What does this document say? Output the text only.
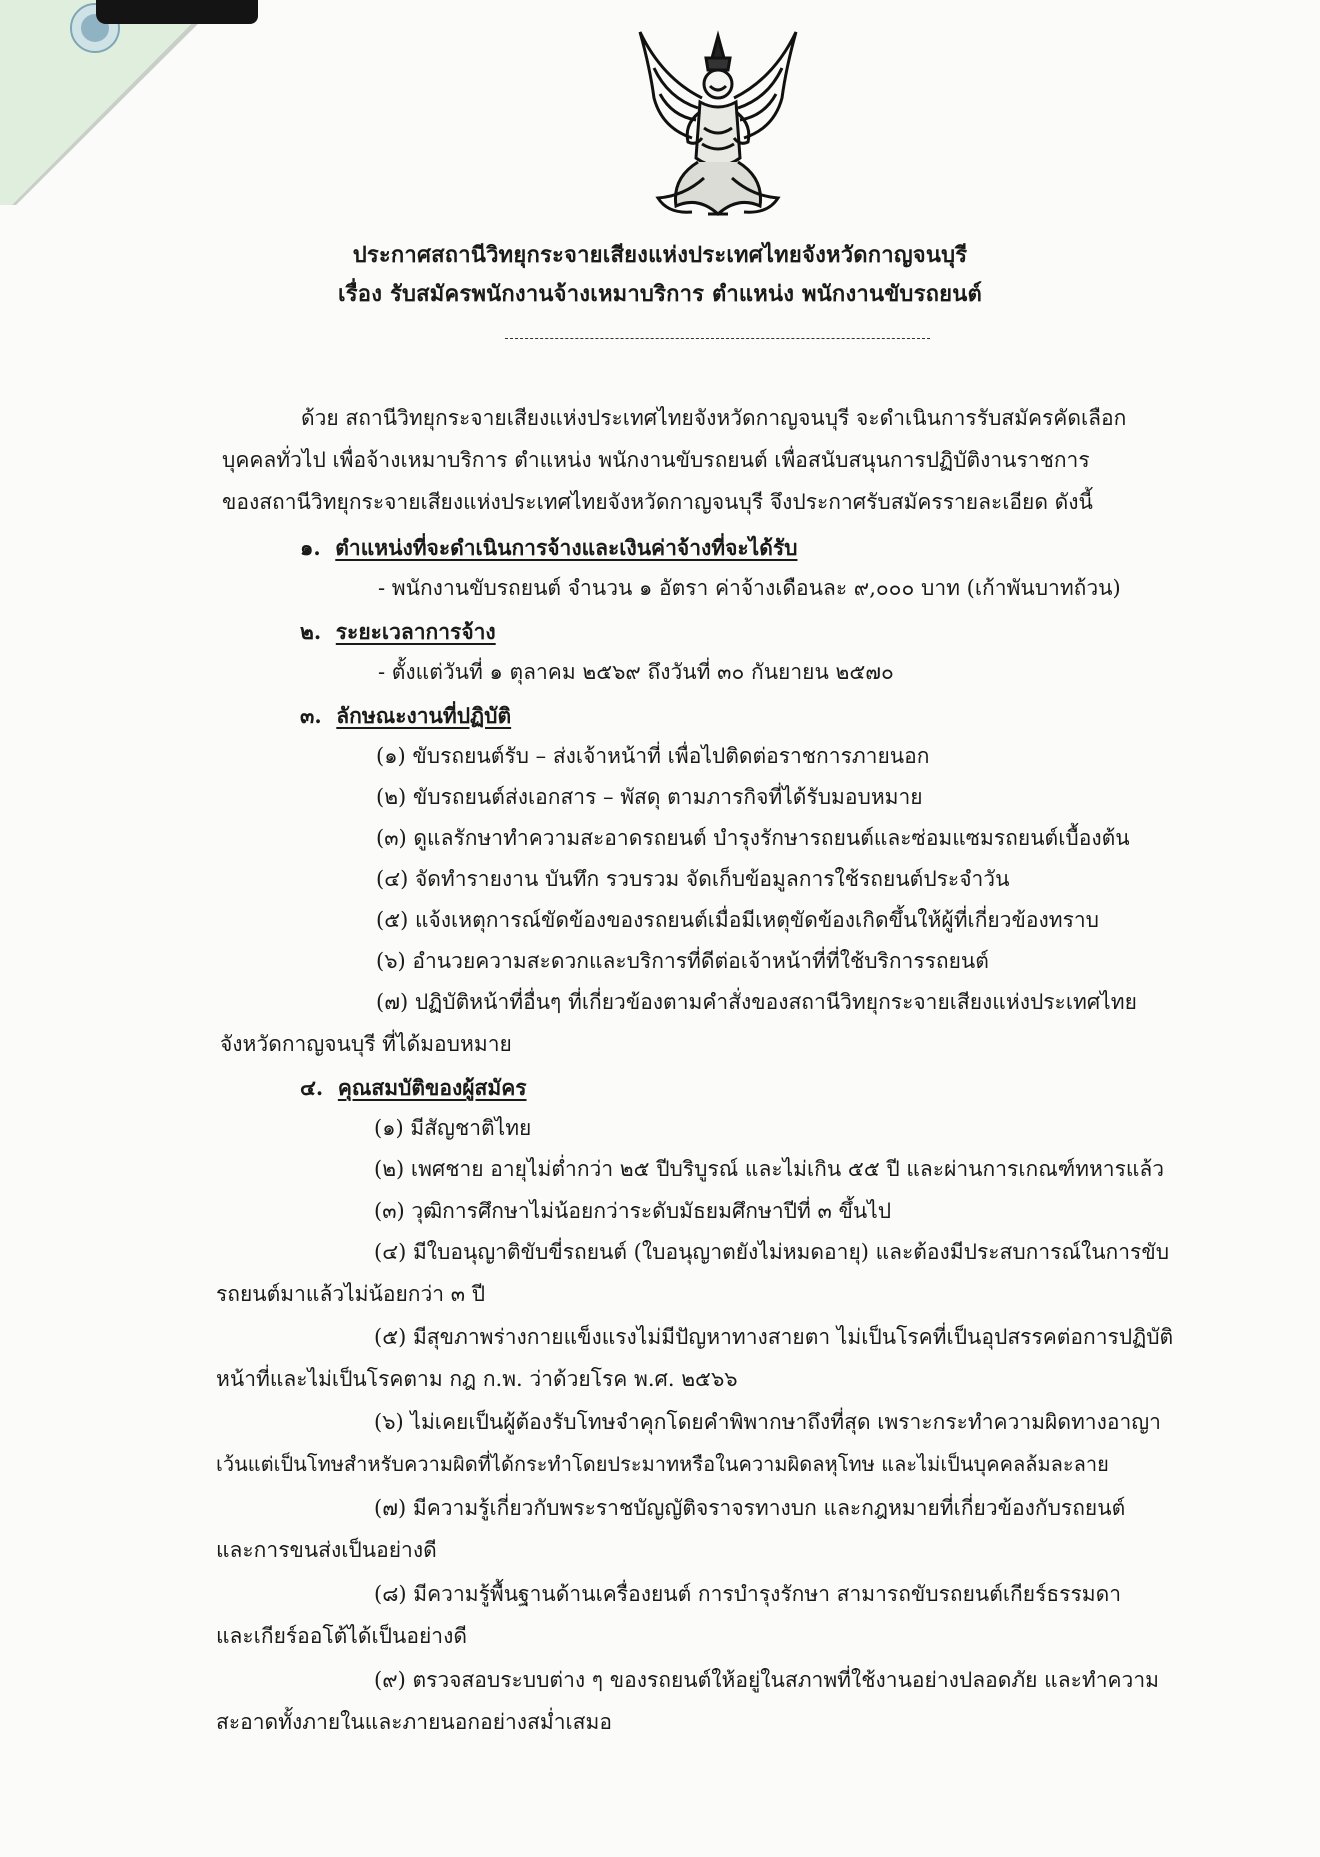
ประกาศสถานีวิทยุกระจายเสียงแห่งประเทศไทยจังหวัดกาญจนบุรี
เรื่อง รับสมัครพนักงานจ้างเหมาบริการ ตำแหน่ง พนักงานขับรถยนต์
ด้วย สถานีวิทยุกระจายเสียงแห่งประเทศไทยจังหวัดกาญจนบุรี จะดำเนินการรับสมัครคัดเลือก
บุคคลทั่วไป เพื่อจ้างเหมาบริการ ตำแหน่ง พนักงานขับรถยนต์ เพื่อสนับสนุนการปฏิบัติงานราชการ
ของสถานีวิทยุกระจายเสียงแห่งประเทศไทยจังหวัดกาญจนบุรี จึงประกาศรับสมัครรายละเอียด ดังนี้
๑. ตำแหน่งที่จะดำเนินการจ้างและเงินค่าจ้างที่จะได้รับ
- พนักงานขับรถยนต์ จำนวน ๑ อัตรา ค่าจ้างเดือนละ ๙,๐๐๐ บาท (เก้าพันบาทถ้วน)
๒. ระยะเวลาการจ้าง
- ตั้งแต่วันที่ ๑ ตุลาคม ๒๕๖๙ ถึงวันที่ ๓๐ กันยายน ๒๕๗๐
๓. ลักษณะงานที่ปฏิบัติ
(๑) ขับรถยนต์รับ – ส่งเจ้าหน้าที่ เพื่อไปติดต่อราชการภายนอก
(๒) ขับรถยนต์ส่งเอกสาร – พัสดุ ตามภารกิจที่ได้รับมอบหมาย
(๓) ดูแลรักษาทำความสะอาดรถยนต์ บำรุงรักษารถยนต์และซ่อมแซมรถยนต์เบื้องต้น
(๔) จัดทำรายงาน บันทึก รวบรวม จัดเก็บข้อมูลการใช้รถยนต์ประจำวัน
(๕) แจ้งเหตุการณ์ขัดข้องของรถยนต์เมื่อมีเหตุขัดข้องเกิดขึ้นให้ผู้ที่เกี่ยวข้องทราบ
(๖) อำนวยความสะดวกและบริการที่ดีต่อเจ้าหน้าที่ที่ใช้บริการรถยนต์
(๗) ปฏิบัติหน้าที่อื่นๆ ที่เกี่ยวข้องตามคำสั่งของสถานีวิทยุกระจายเสียงแห่งประเทศไทย
จังหวัดกาญจนบุรี ที่ได้มอบหมาย
๔. คุณสมบัติของผู้สมัคร
(๑) มีสัญชาติไทย
(๒) เพศชาย อายุไม่ต่ำกว่า ๒๕ ปีบริบูรณ์ และไม่เกิน ๕๕ ปี และผ่านการเกณฑ์ทหารแล้ว
(๓) วุฒิการศึกษาไม่น้อยกว่าระดับมัธยมศึกษาปีที่ ๓ ขึ้นไป
(๔) มีใบอนุญาติขับขี่รถยนต์ (ใบอนุญาตยังไม่หมดอายุ) และต้องมีประสบการณ์ในการขับ
รถยนต์มาแล้วไม่น้อยกว่า ๓ ปี
(๕) มีสุขภาพร่างกายแข็งแรงไม่มีปัญหาทางสายตา ไม่เป็นโรคที่เป็นอุปสรรคต่อการปฏิบัติ
หน้าที่และไม่เป็นโรคตาม กฎ ก.พ. ว่าด้วยโรค พ.ศ. ๒๕๖๖
(๖) ไม่เคยเป็นผู้ต้องรับโทษจำคุกโดยคำพิพากษาถึงที่สุด เพราะกระทำความผิดทางอาญา
เว้นแต่เป็นโทษสำหรับความผิดที่ได้กระทำโดยประมาทหรือในความผิดลหุโทษ และไม่เป็นบุคคลล้มละลาย
(๗) มีความรู้เกี่ยวกับพระราชบัญญัติจราจรทางบก และกฎหมายที่เกี่ยวข้องกับรถยนต์
และการขนส่งเป็นอย่างดี
(๘) มีความรู้พื้นฐานด้านเครื่องยนต์ การบำรุงรักษา สามารถขับรถยนต์เกียร์ธรรมดา
และเกียร์ออโต้ได้เป็นอย่างดี
(๙) ตรวจสอบระบบต่าง ๆ ของรถยนต์ให้อยู่ในสภาพที่ใช้งานอย่างปลอดภัย และทำความ
สะอาดทั้งภายในและภายนอกอย่างสม่ำเสมอ
